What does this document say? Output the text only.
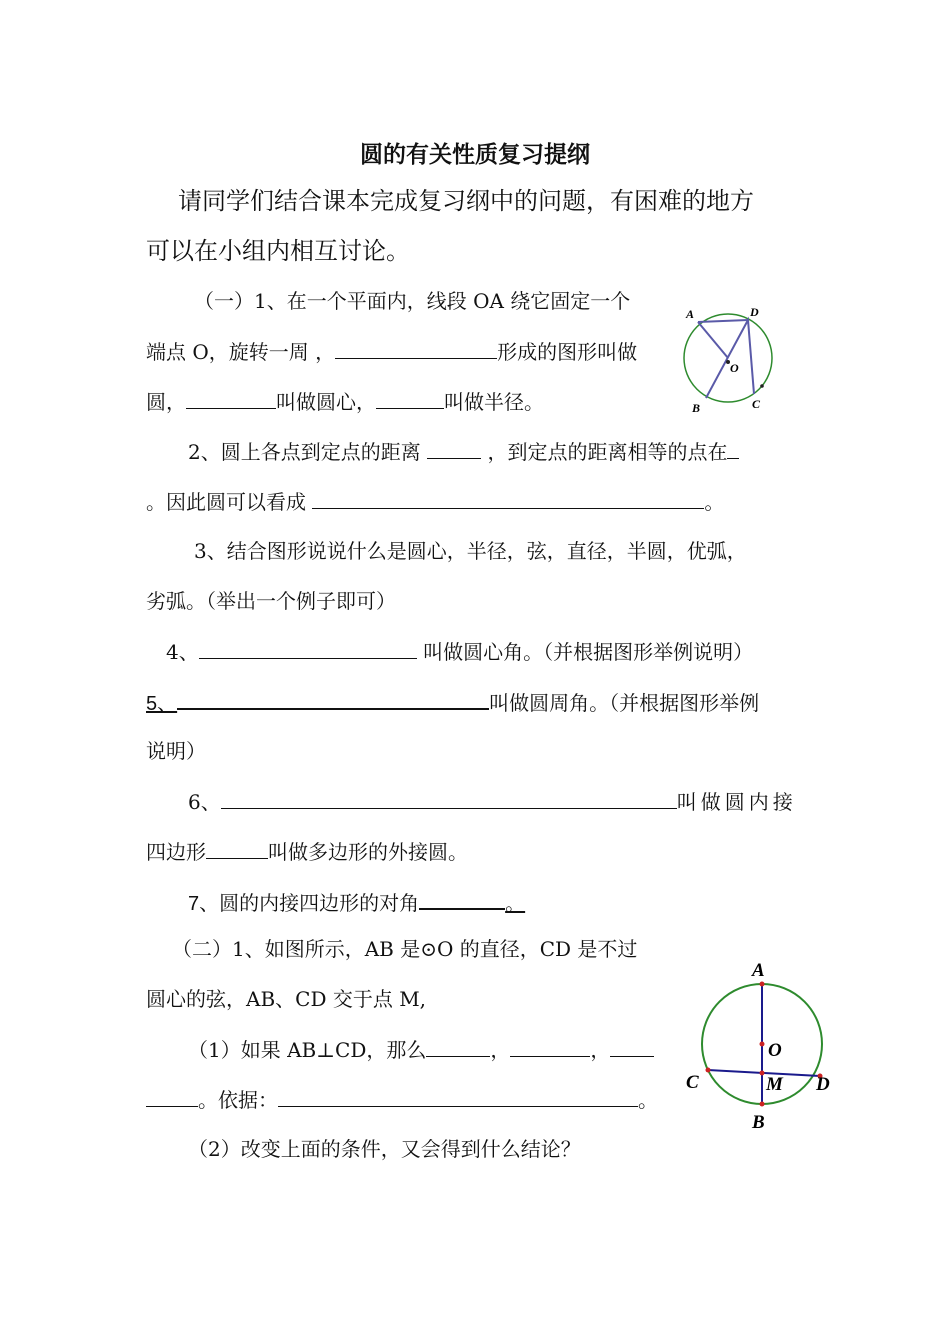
圆的有关性质复习提纲
请同学们结合课本完成复习纲中的问题，有困难的地方
可以在小组内相互讨论。
（一）1、在一个平面内，线段 OA 绕它固定一个
端点 O，旋转一周 ，	形成的图形叫做
圆，	叫做圆心，	叫做半径。
2、圆上各点到定点的距离	，到定点的距离相等的点在
。因此圆可以看成	。
3、结合图形说说什么是圆心，半径，弦，直径，半圆，优弧，
劣弧。（举出一个例子即可）
4、	叫做圆心角。（并根据图形举例说明）
5、	叫做圆周角。（并根据图形举例
说明）
6、	叫做圆内接
四边形	叫做多边形的外接圆。
7、圆的内接四边形的对角	。
（二）1、如图所示，AB 是⊙O 的直径，CD 是不过
圆心的弦，AB、CD 交于点 M,
（1）如果 AB⊥CD，那么	，	，
。依据：	。
（2）改变上面的条件，又会得到什么结论？
A	D
O
B	C
A
O
C	M D
B
